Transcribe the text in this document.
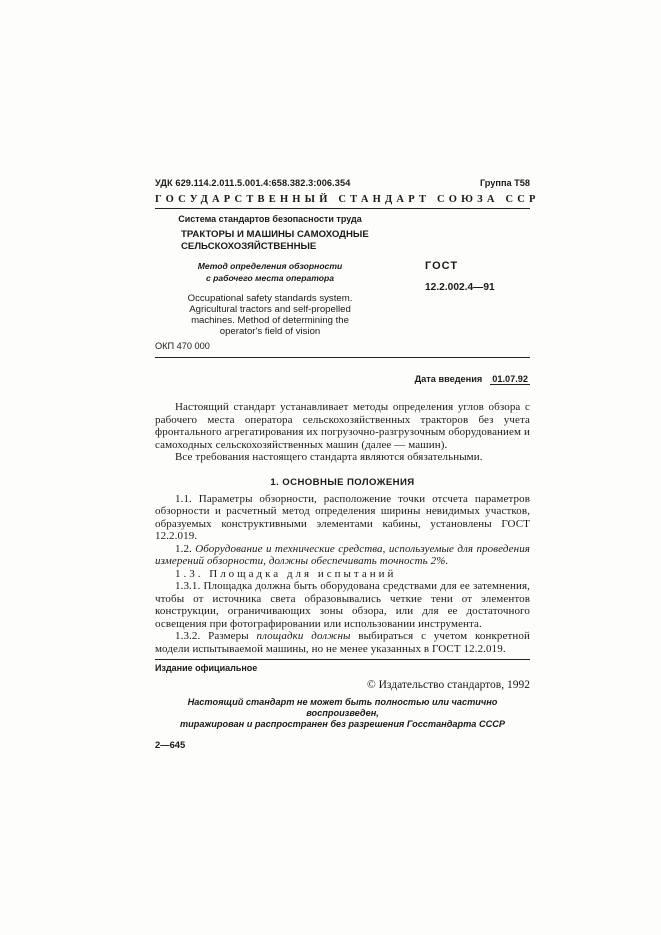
УДК 629.114.2.011.5.001.4:658.382.3:006.354	Группа Т58
ГОСУДАРСТВЕННЫЙ СТАНДАРТ СОЮЗА ССР
Система стандартов безопасности труда
ТРАКТОРЫ И МАШИНЫ САМОХОДНЫЕ
СЕЛЬСКОХОЗЯЙСТВЕННЫЕ
Метод определения обзорности
с рабочего места оператора
Occupational safety standards system.
Agricultural tractors and self-propelled
machines. Method of determining the
operator's field of vision
ОКП 470 000
ГОСТ
12.2.002.4—91
Дата введения 01.07.92

Настоящий стандарт устанавливает методы определения углов обзора с рабочего места оператора сельскохозяйственных тракторов без учета фронтального агрегатирования их погрузочно-разгрузочным оборудованием и самоходных сельскохозяйственных машин (далее — машин).

Все требования настоящего стандарта являются обязательными.

1. ОСНОВНЫЕ ПОЛОЖЕНИЯ

1.1. Параметры обзорности, расположение точки отсчета параметров обзорности и расчетный метод определения ширины невидимых участков, образуемых конструктивными элементами кабины, установлены ГОСТ 12.2.019.

1.2. Оборудование и технические средства, используемые для проведения измерений обзорности, должны обеспечивать точность 2%.

1.3. Площадка для испытаний

1.3.1. Площадка должна быть оборудована средствами для ее затемнения, чтобы от источника света образовывались четкие тени от элементов конструкции, ограничивающих зоны обзора, или для ее достаточного освещения при фотографировании или использовании инструмента.

1.3.2. Размеры площадки должны выбираться с учетом конкретной модели испытываемой машины, но не менее указанных в ГОСТ 12.2.019.

Издание официальное
© Издательство стандартов, 1992
Настоящий стандарт не может быть полностью или частично воспроизведен,
тиражирован и распространен без разрешения Госстандарта СССР
2—645
